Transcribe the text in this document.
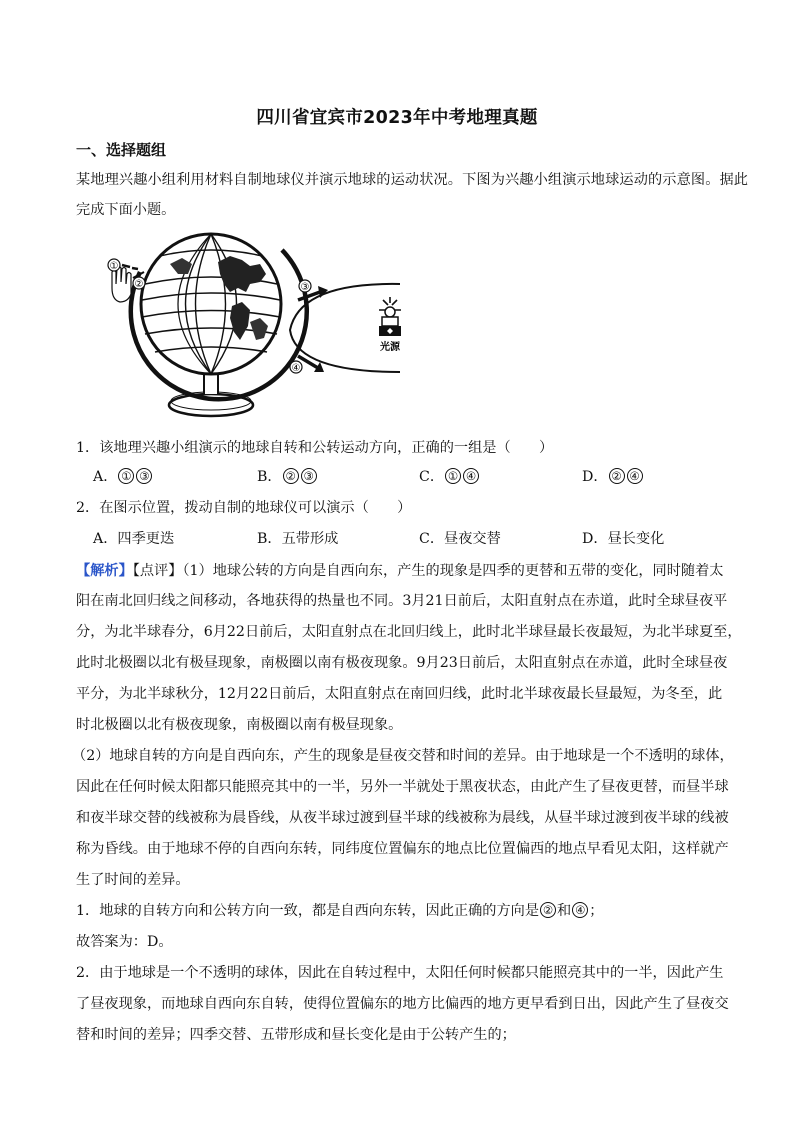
四川省宜宾市2023年中考地理真题
一、选择题组
某地理兴趣小组利用材料自制地球仪并演示地球的运动状况。下图为兴趣小组演示地球运动的示意图。据此完成下面小题。
①
②	③
④
光源
1．该地理兴趣小组演示的地球自转和公转运动方向，正确的一组是（　　）
A． ① ③	B． ② ③	C． ① ④	D． ② ④
2．在图示位置，拨动自制的地球仪可以演示（　　）
A．四季更迭	B．五带形成	C．昼夜交替	D．昼长变化
【解析】【点评】（1）地球公转的方向是自西向东，产生的现象是四季的更替和五带的变化，同时随着太
阳在南北回归线之间移动，各地获得的热量也不同。3月21日前后，太阳直射点在赤道，此时全球昼夜平
分，为北半球春分，6月22日前后，太阳直射点在北回归线上，此时北半球昼最长夜最短，为北半球夏至，
此时北极圈以北有极昼现象，南极圈以南有极夜现象。9月23日前后，太阳直射点在赤道，此时全球昼夜
平分，为北半球秋分，12月22日前后，太阳直射点在南回归线，此时北半球夜最长昼最短，为冬至，此
时北极圈以北有极夜现象，南极圈以南有极昼现象。
（2）地球自转的方向是自西向东，产生的现象是昼夜交替和时间的差异。由于地球是一个不透明的球体，
因此在任何时候太阳都只能照亮其中的一半，另外一半就处于黑夜状态，由此产生了昼夜更替，而昼半球
和夜半球交替的线被称为晨昏线，从夜半球过渡到昼半球的线被称为晨线，从昼半球过渡到夜半球的线被
称为昏线。由于地球不停的自西向东转，同纬度位置偏东的地点比位置偏西的地点早看见太阳，这样就产
生了时间的差异。
1．地球的自转方向和公转方向一致，都是自西向东转，因此正确的方向是 ② 和 ④ ；
故答案为：D。
2．由于地球是一个不透明的球体，因此在自转过程中，太阳任何时候都只能照亮其中的一半，因此产生
了昼夜现象，而地球自西向东自转，使得位置偏东的地方比偏西的地方更早看到日出，因此产生了昼夜交
替和时间的差异；四季交替、五带形成和昼长变化是由于公转产生的；
